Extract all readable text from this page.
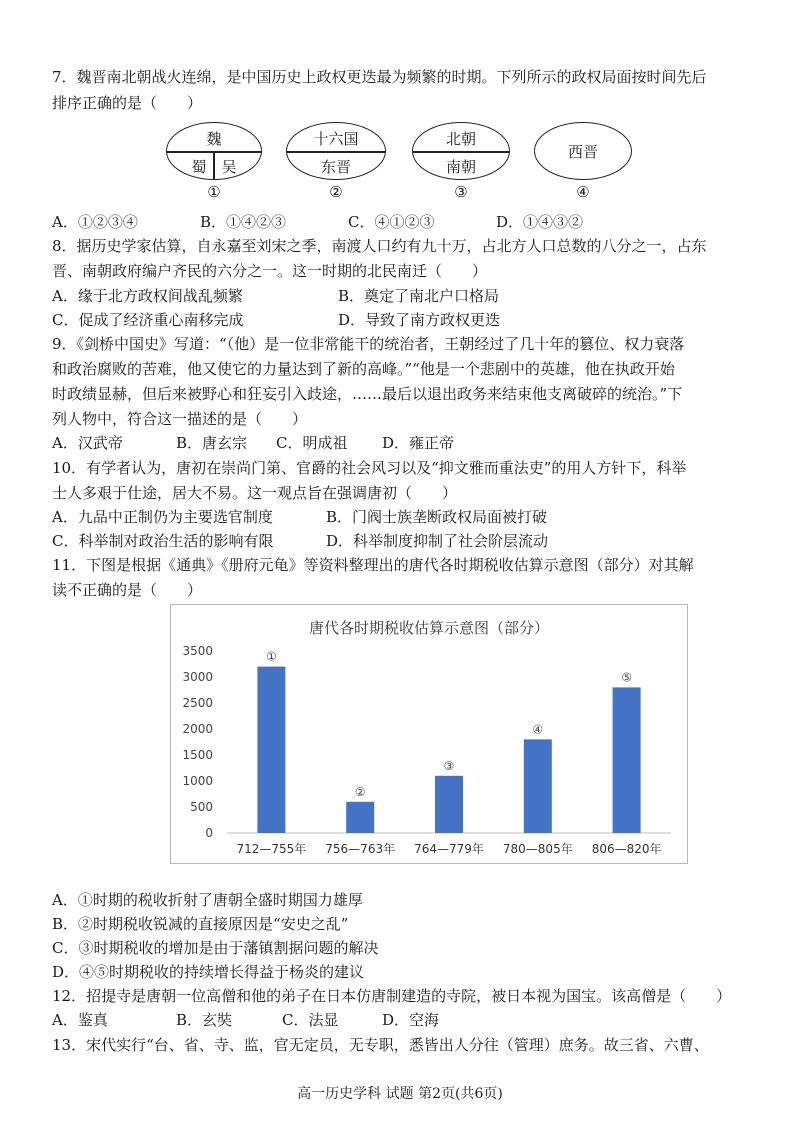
7．魏晋南北朝战火连绵，是中国历史上政权更迭最为频繁的时期。下列所示的政权局面按时间先后
排序正确的是（　　）
魏
蜀 吴
①
十六国
东晋
②
北朝
南朝
③
西晋
④
A．①②③④	B．①④②③	C．④①②③	D．①④③②
8．据历史学家估算，自永嘉至刘宋之季，南渡人口约有九十万，占北方人口总数的八分之一，占东
晋、南朝政府编户齐民的六分之一。这一时期的北民南迁（　　）
A．缘于北方政权间战乱频繁	B．奠定了南北户口格局
C．促成了经济重心南移完成	D．导致了南方政权更迭
9．《剑桥中国史》写道：“（他）是一位非常能干的统治者，王朝经过了几十年的篡位、权力衰落
和政治腐败的苦难，他又使它的力量达到了新的高峰。”“他是一个悲剧中的英雄，他在执政开始
时政绩显赫，但后来被野心和狂妄引入歧途，……最后以退出政务来结束他支离破碎的统治。”下
列人物中，符合这一描述的是（　　）
A．汉武帝	B．唐玄宗 C．明成祖 D．雍正帝
10．有学者认为，唐初在崇尚门第、官爵的社会风习以及“抑文雅而重法吏”的用人方针下，科举
士人多艰于仕途，居大不易。这一观点旨在强调唐初（　　）
A．九品中正制仍为主要选官制度	B．门阀士族垄断政权局面被打破
C．科举制对政治生活的影响有限	D．科举制度抑制了社会阶层流动
11．下图是根据《通典》《册府元龟》等资料整理出的唐代各时期税收估算示意图（部分）对其解
读不正确的是（　　）
唐代各时期税收估算示意图（部分）
0
500
1000
1500
2000
2500
3000
3500	①
712—755年
②
756—763年
③
764—779年
④
780—805年
⑤
806—820年
A．①时期的税收折射了唐朝全盛时期国力雄厚
B．②时期税收锐减的直接原因是“安史之乱”
C．③时期税收的增加是由于藩镇割据问题的解决
D．④⑤时期税收的持续增长得益于杨炎的建议
12．招提寺是唐朝一位高僧和他的弟子在日本仿唐制建造的寺院，被日本视为国宝。该高僧是（　　）
A．鉴真	B．玄奘	C．法显	D．空海
13．宋代实行“台、省、寺、监，官无定员，无专职，悉皆出人分往（管理）庶务。故三省、六曹、
高一历史学科 试题 第2页(共6页)
